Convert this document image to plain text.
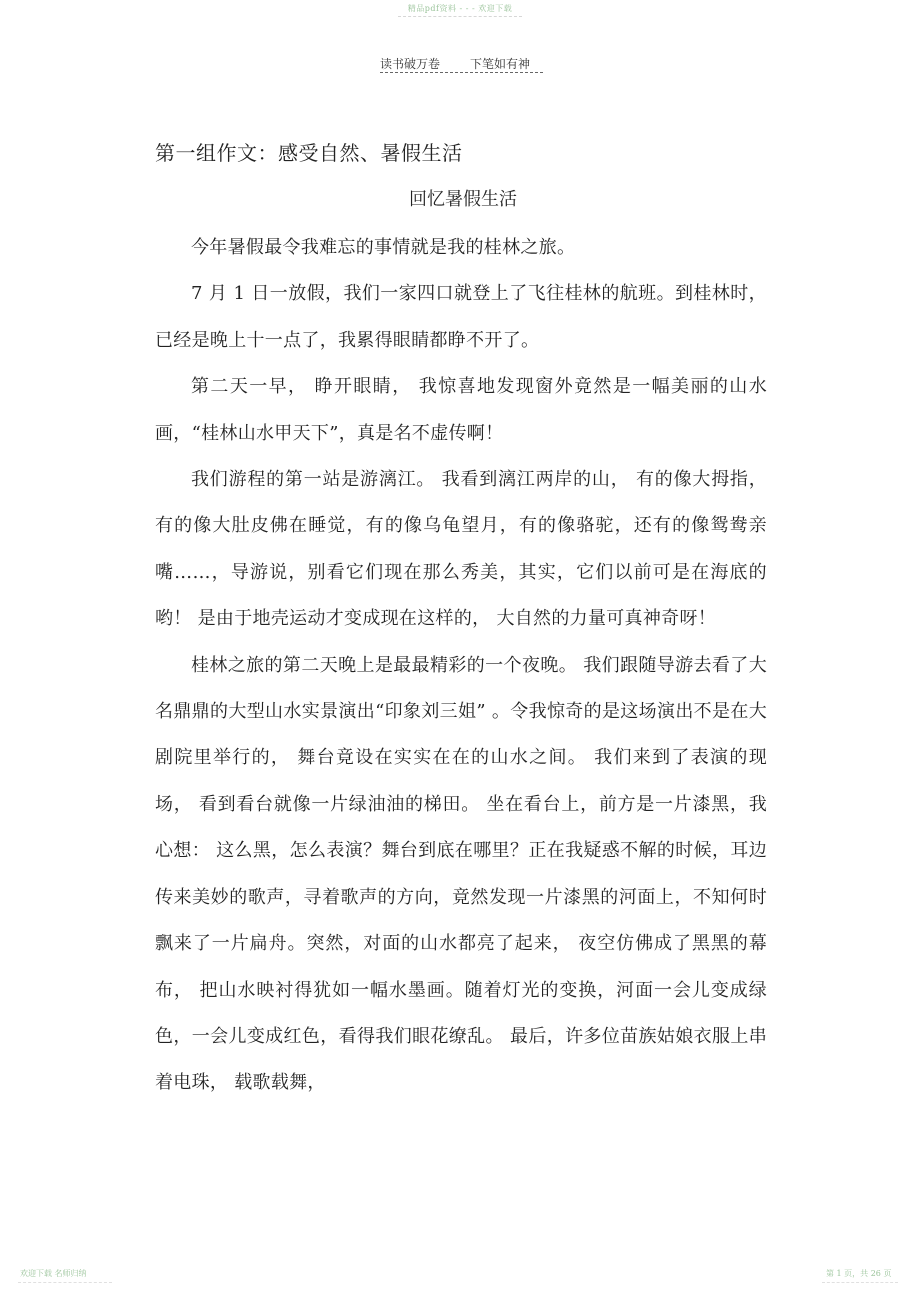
精品pdf资料 - - - 欢迎下载
读书破万卷	下笔如有神
第一组作文：感受自然、暑假生活
回忆暑假生活

今年暑假最令我难忘的事情就是我的桂林之旅。

7 月 1 日一放假，我们一家四口就登上了飞往桂林的航班。到桂林时，已经是晚上十一点了，我累得眼睛都睁不开了。

第二天一早， 睁开眼睛， 我惊喜地发现窗外竟然是一幅美丽的山水画，“桂林山水甲天下”，真是名不虚传啊！

我们游程的第一站是游漓江。 我看到漓江两岸的山， 有的像大拇指，有的像大肚皮佛在睡觉，有的像乌龟望月，有的像骆驼，还有的像鸳鸯亲嘴……，导游说，别看它们现在那么秀美，其实，它们以前可是在海底的哟！ 是由于地壳运动才变成现在这样的， 大自然的力量可真神奇呀！

桂林之旅的第二天晚上是最最精彩的一个夜晚。 我们跟随导游去看了大名鼎鼎的大型山水实景演出“印象刘三姐” 。令我惊奇的是这场演出不是在大剧院里举行的， 舞台竟设在实实在在的山水之间。 我们来到了表演的现场， 看到看台就像一片绿油油的梯田。 坐在看台上，前方是一片漆黑，我心想： 这么黑，怎么表演？舞台到底在哪里？正在我疑惑不解的时候，耳边传来美妙的歌声，寻着歌声的方向，竟然发现一片漆黑的河面上，不知何时飘来了一片扁舟。突然，对面的山水都亮了起来， 夜空仿佛成了黑黑的幕布， 把山水映衬得犹如一幅水墨画。随着灯光的变换，河面一会儿变成绿色，一会儿变成红色，看得我们眼花缭乱。 最后，许多位苗族姑娘衣服上串着电珠， 载歌载舞，

欢迎下载 名师归纳	第 1 页，共 26 页
